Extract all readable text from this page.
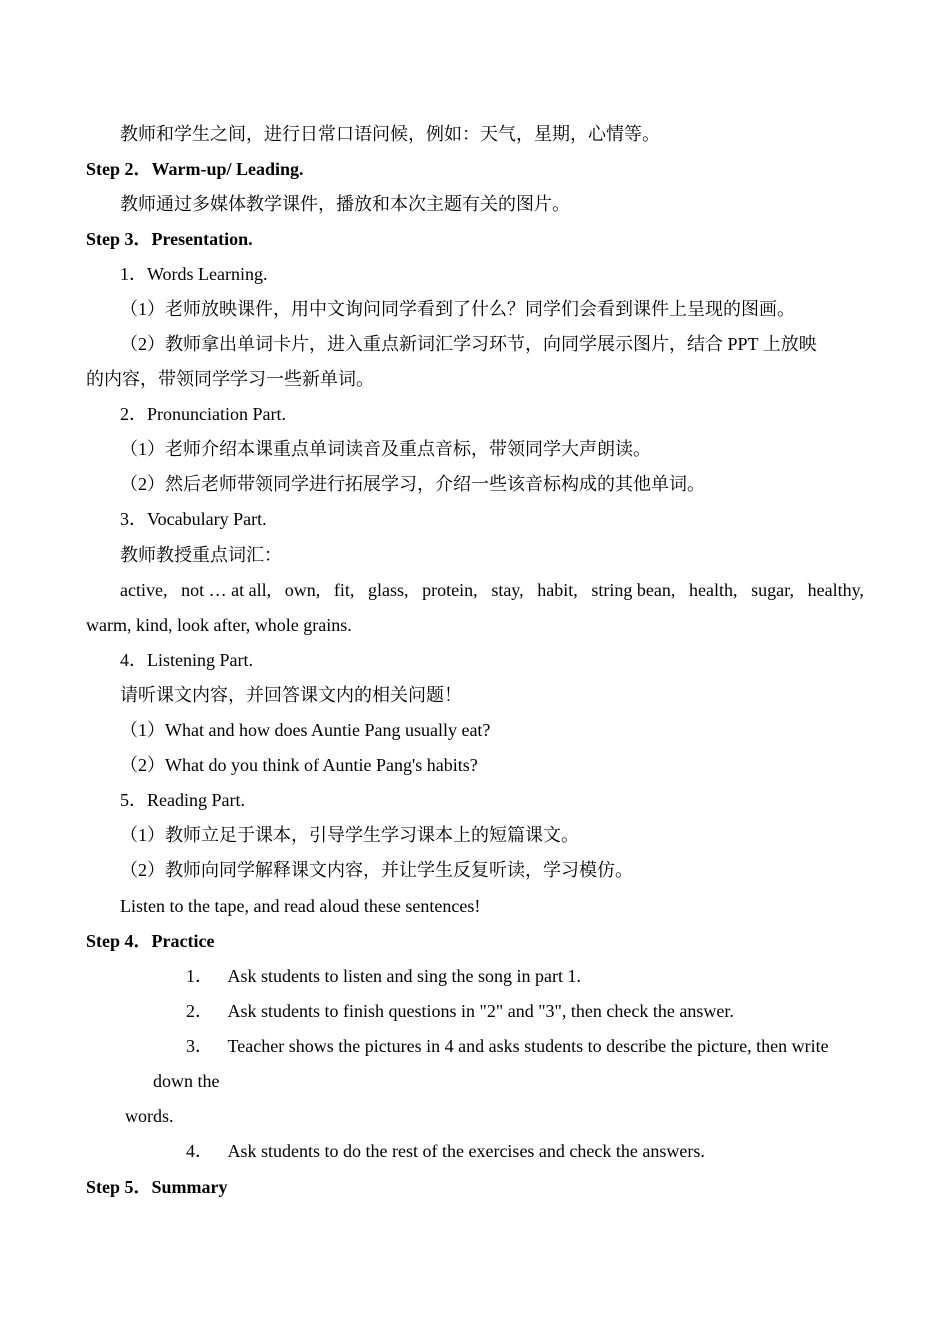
教师和学生之间，进行日常口语问候，例如：天气，星期，心情等。
Step 2．Warm-up/ Leading.
教师通过多媒体教学课件，播放和本次主题有关的图片。
Step 3．Presentation.
1．Words Learning.
（1）老师放映课件，用中文询问同学看到了什么？同学们会看到课件上呈现的图画。
（2）教师拿出单词卡片，进入重点新词汇学习环节，向同学展示图片，结合 PPT 上放映
的内容，带领同学学习一些新单词。
2．Pronunciation Part.
（1）老师介绍本课重点单词读音及重点音标，带领同学大声朗读。
（2）然后老师带领同学进行拓展学习，介绍一些该音标构成的其他单词。
3．Vocabulary Part.
教师教授重点词汇：
active, not … at all, own, fit, glass, protein, stay, habit, string bean, health, sugar, healthy,
warm, kind, look after, whole grains.
4．Listening Part.
请听课文内容，并回答课文内的相关问题！
（1）What and how does Auntie Pang usually eat?
（2）What do you think of Auntie Pang's habits?
5．Reading Part.
（1）教师立足于课本，引导学生学习课本上的短篇课文。
（2）教师向同学解释课文内容，并让学生反复听读，学习模仿。
Listen to the tape, and read aloud these sentences!
Step 4．Practice
1． Ask students to listen and sing the song in part 1.
2． Ask students to finish questions in "2" and "3", then check the answer.
3． Teacher shows the pictures in 4 and asks students to describe the picture, then write
down the
words.
4． Ask students to do the rest of the exercises and check the answers.
Step 5．Summary
